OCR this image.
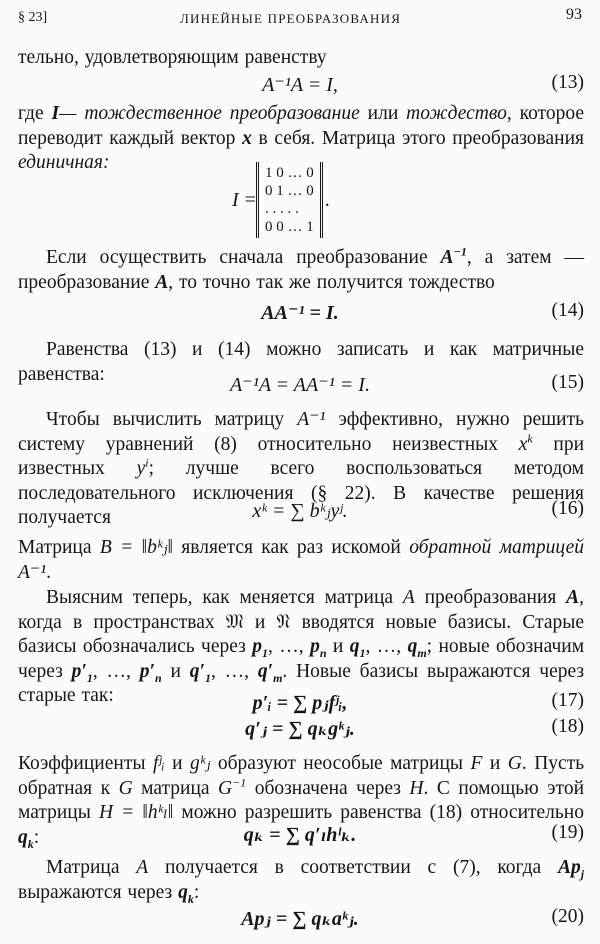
§ 23]	ЛИНЕЙНЫЕ ПРЕОБРАЗОВАНИЯ	93
тельно, удовлетворяющим равенству
A⁻¹A = I,	(13)
где I— тождественное преобразование или тождество, которое переводит каждый вектор x в себя. Матрица этого преобразования единичная:
I =
1 0 … 0
0 1 … 0
. . . . .
0 0 … 1
.
Если осуществить сначала преобразование $A^{-1}$, а затем — преобразование A, то точно так же получится тождество
AA⁻¹ = I.	(14)
Равенства (13) и (14) можно записать и как матричные равенства:	A⁻¹A = AA⁻¹ = I.	(15)
Чтобы вычислить матрицу A⁻¹ эффективно, нужно решить систему уравнений (8) относительно неизвестных $x^k$ при известных $y^i$; лучше всего воспользоваться методом последовательного исключения (§ 22). В качестве решения получается	xᵏ = ∑ bᵏⱼyʲ.	(16)
Матрица B = ‖bᵏⱼ‖ является как раз искомой обратной матрицей A⁻¹.
Выясним теперь, как меняется матрица A преобразования A, когда в пространствах 𝔐 и 𝔑 вводятся новые базисы. Старые базисы обозначались через $p_1$, …, $p_n$ и $q_1$, …, $q_m$; новые обозначим через $p'_1$, …, $p'_n$ и $q'_1$, …, $q'_m$. Новые базисы выражаются через старые так:	p′ᵢ = ∑ pⱼfʲᵢ,	(17)
q′ⱼ = ∑ qₖgᵏⱼ.	(18)
Коэффициенты fʲᵢ и gᵏⱼ образуют неособые матрицы F и G. Пусть обратная к G матрица $G^{-1}$ обозначена через H. С помощью этой матрицы H = ‖hᵏₗ‖ можно разрешить равенства (18) относительно $q_k$:	qₖ = ∑ q′ₗhˡₖ.	(19)
Матрица A получается в соответствии с (7), когда $Ap_j$ выражаются через $q_k$:
Apⱼ = ∑ qₖaᵏⱼ.	(20)
